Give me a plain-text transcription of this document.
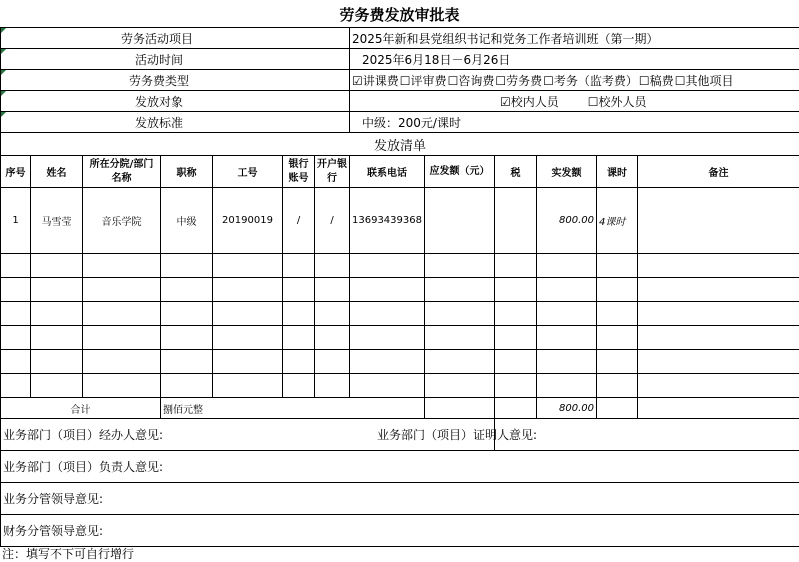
劳务费发放审批表
劳务活动项目	2025年新和县党组织书记和党务工作者培训班（第一期）
活动时间	2025年6月18日－6月26日
劳务费类型	☑讲课费☐评审费☐咨询费☐劳务费☐考务（监考费）☐稿费☐其他项目
发放对象	☑校内人员 ☐校外人员
发放标准	中级：200元/课时
发放清单
序号	姓名	所在分院/部门名称	职称	工号	银行账号	开户银行	联系电话	应发额（元）	税	实发额	课时	备注
1	马雪莹	音乐学院	中级	20190019	/	/	13693439368			800.00	4课时	

合计	捌佰元整			800.00		
业务部门（项目）经办人意见:	业务部门（项目）证明人意见:
业务部门（项目）负责人意见:
业务分管领导意见:
财务分管领导意见:
注：填写不下可自行增行
